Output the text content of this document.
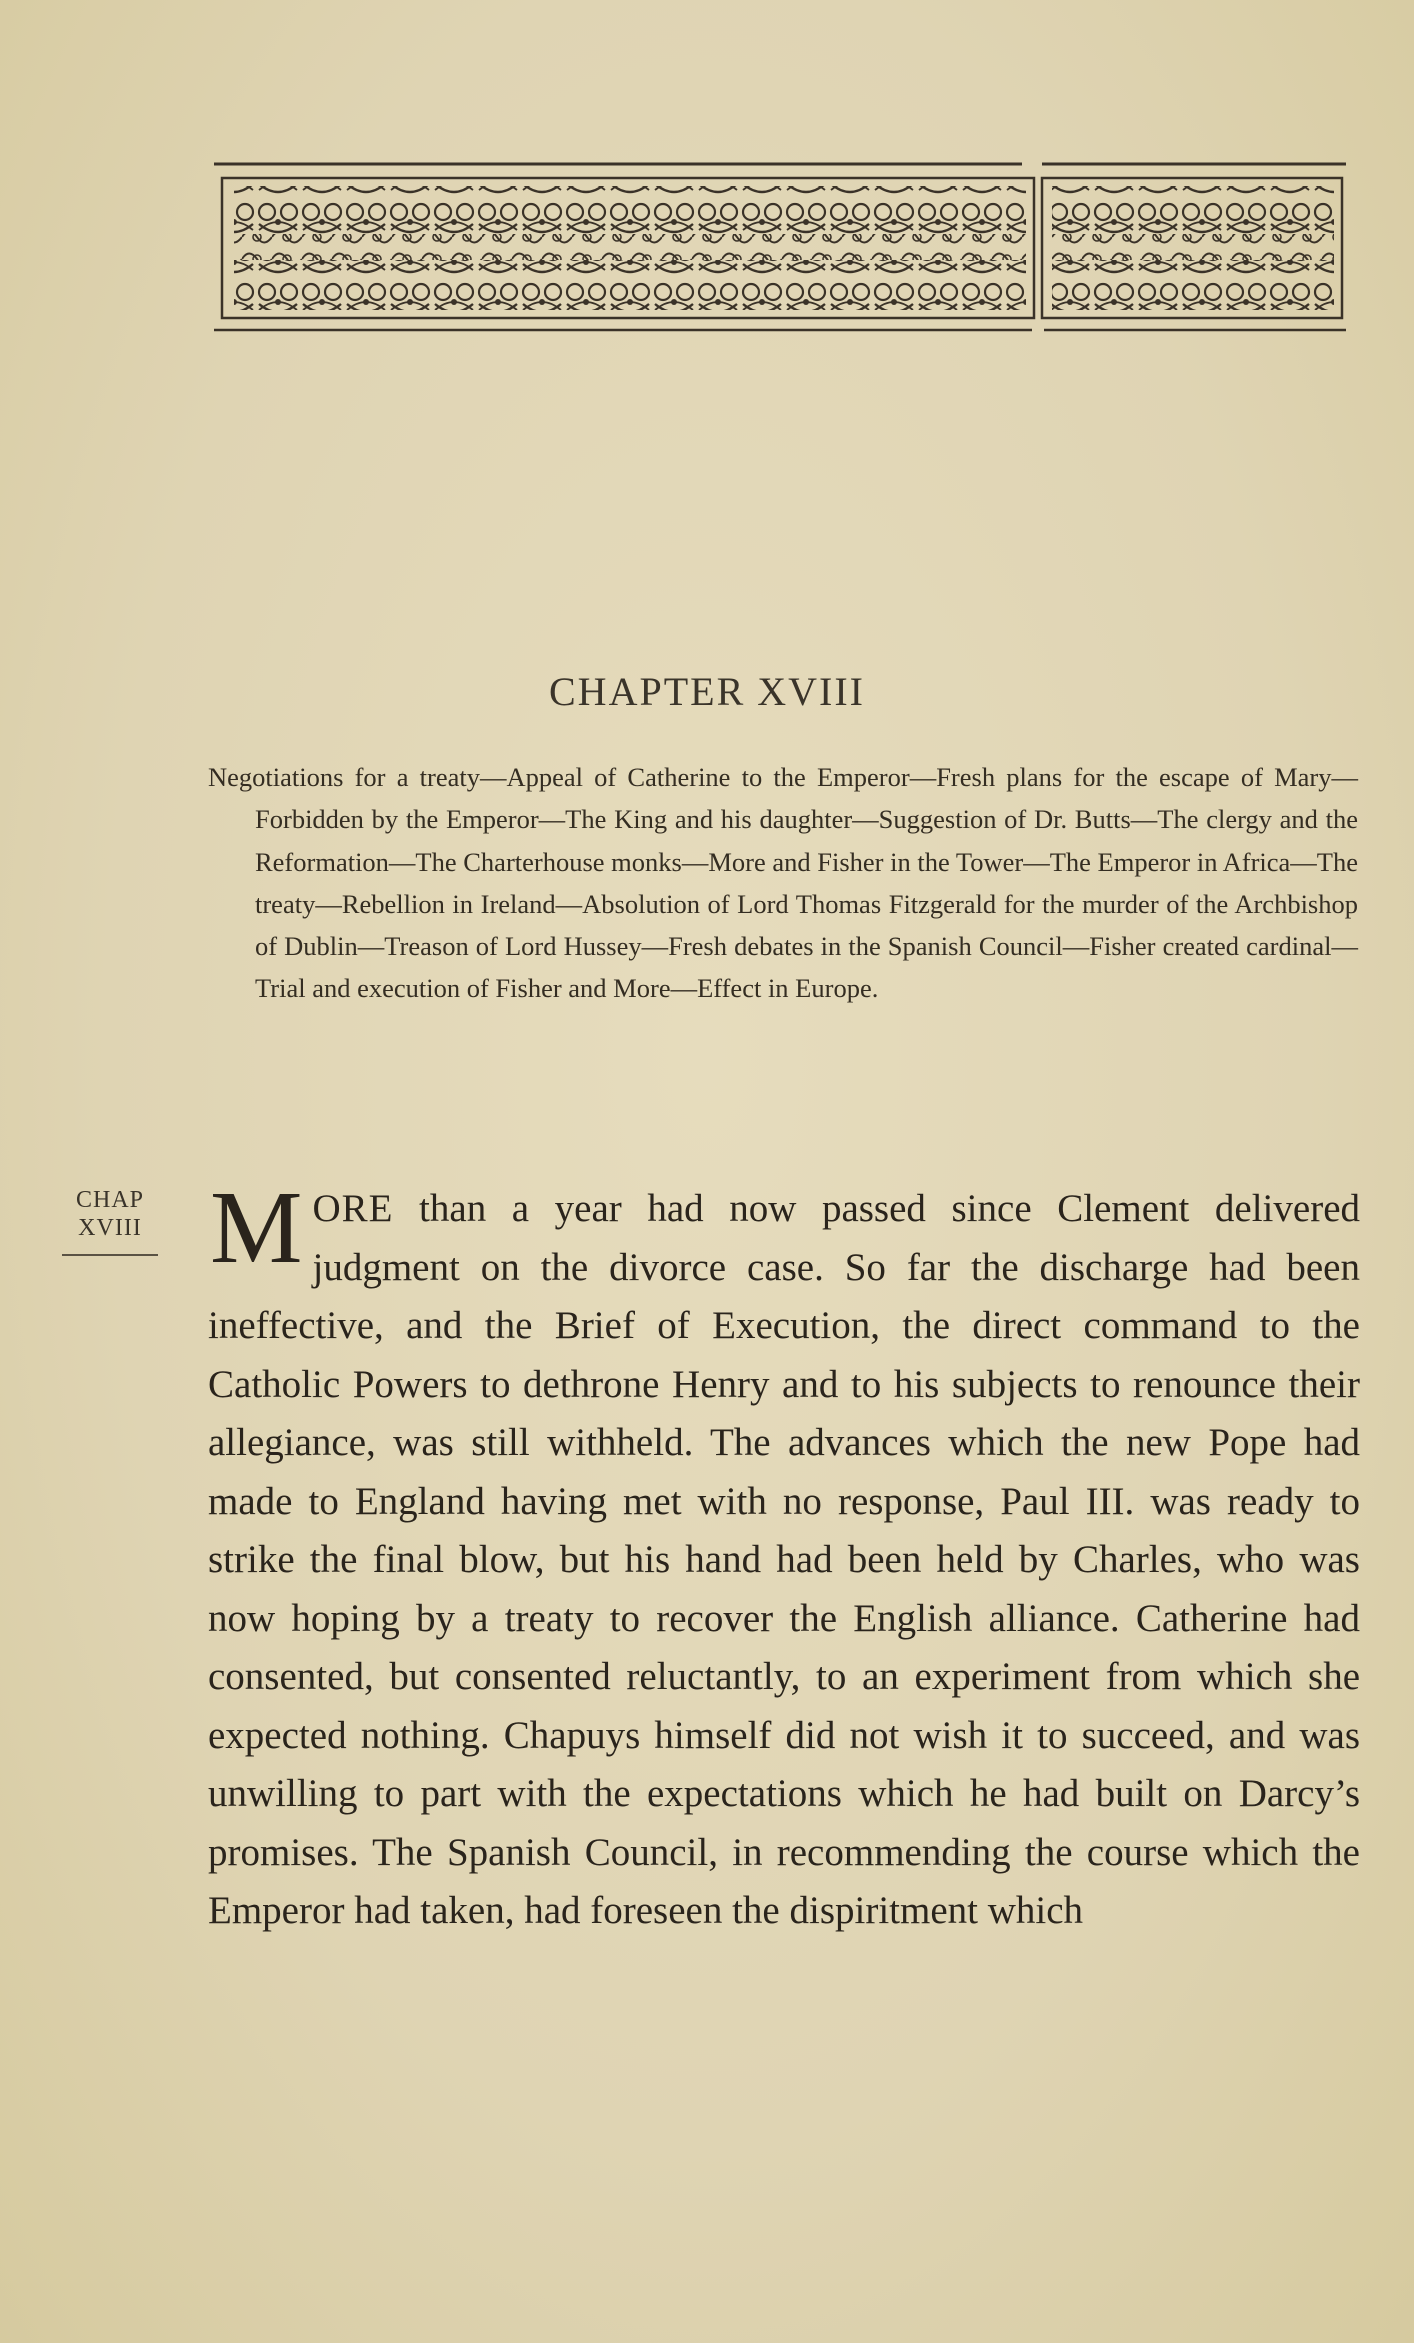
CHAPTER XVIII
Negotiations for a treaty—Appeal of Catherine to the Emperor—Fresh plans for the escape of Mary—Forbidden by the Emperor—The King and his daughter—Suggestion of Dr. Butts—The clergy and the Reformation—The Charterhouse monks—More and Fisher in the Tower—The Emperor in Africa—The treaty—Rebellion in Ireland—Absolution of Lord Thomas Fitzgerald for the murder of the Archbishop of Dublin—Treason of Lord Hussey—Fresh debates in the Spanish Council—Fisher created cardinal—Trial and execution of Fisher and More—Effect in Europe.
CHAP
XVIII MORE than a year had now passed since Clement delivered judgment on the divorce case. So far the discharge had been ineffective, and the Brief of Execution, the direct command to the Catholic Powers to dethrone Henry and to his subjects to renounce their allegiance, was still withheld. The advances which the new Pope had made to England having met with no response, Paul III. was ready to strike the final blow, but his hand had been held by Charles, who was now hoping by a treaty to recover the English alliance. Catherine had consented, but consented reluctantly, to an experiment from which she expected nothing. Chapuys himself did not wish it to succeed, and was unwilling to part with the expectations which he had built on Darcy’s promises. The Spanish Council, in recommending the course which the Emperor had taken, had foreseen the dispiritment which
